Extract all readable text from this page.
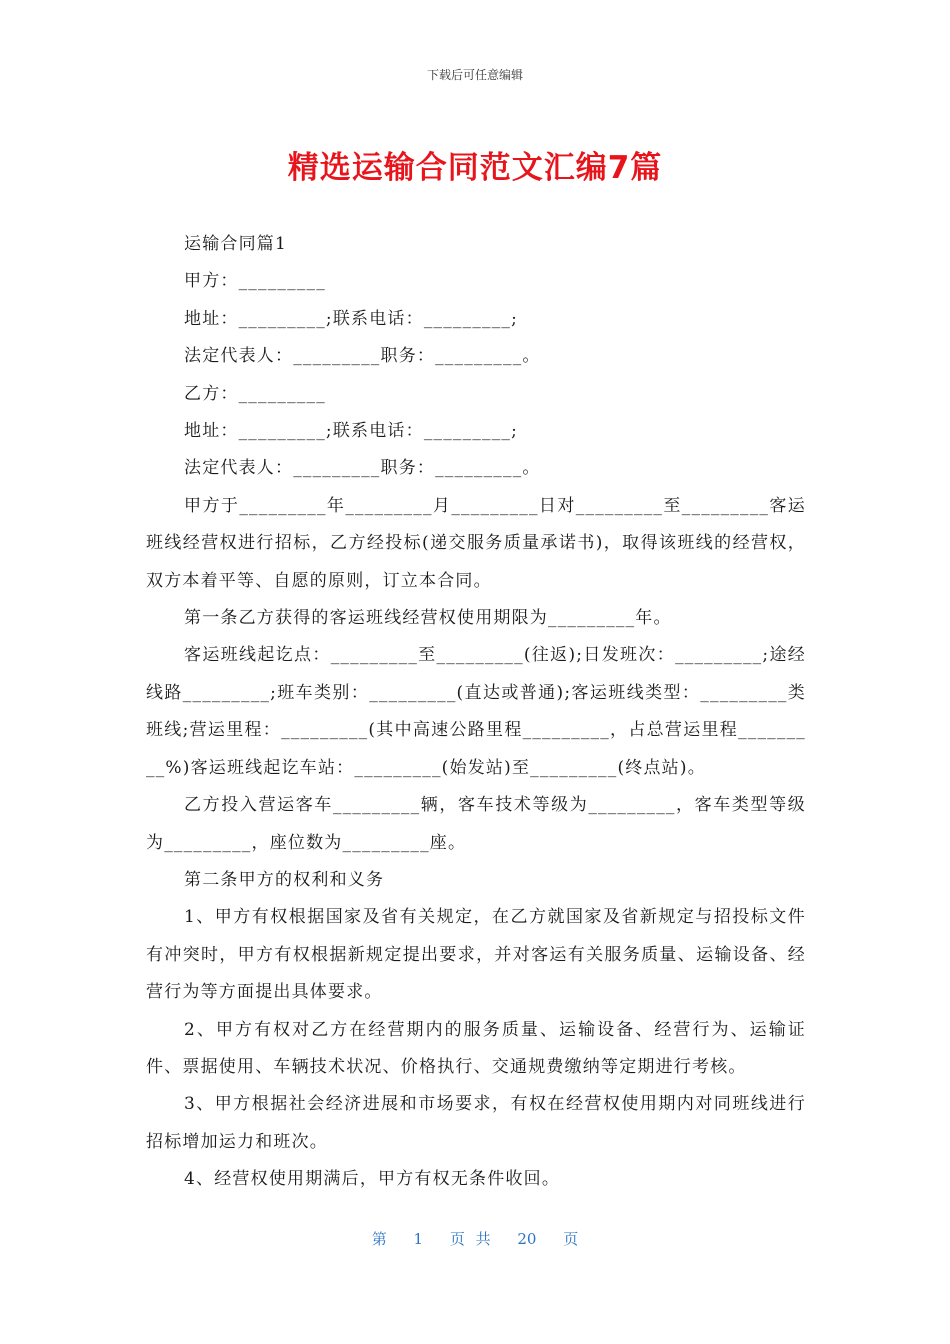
下载后可任意编辑
精选运输合同范文汇编7篇

运输合同篇1

甲方：_________

地址：_________;联系电话：_________;

法定代表人：_________职务：_________。

乙方：_________

地址：_________;联系电话：_________;

法定代表人：_________职务：_________。

甲方于_________年_________月_________日对_________至_________客运班线经营权进行招标，乙方经投标(递交服务质量承诺书)，取得该班线的经营权，双方本着平等、自愿的原则，订立本合同。

第一条乙方获得的客运班线经营权使用期限为_________年。

客运班线起讫点：_________至_________(往返);日发班次：_________;途经线路_________;班车类别：_________(直达或普通);客运班线类型：_________类班线;营运里程：_________(其中高速公路里程_________，占总营运里程_________%)客运班线起讫车站：_________(始发站)至_________(终点站)。

乙方投入营运客车_________辆，客车技术等级为_________，客车类型等级为_________，座位数为_________座。

第二条甲方的权利和义务

1、甲方有权根据国家及省有关规定，在乙方就国家及省新规定与招投标文件有冲突时，甲方有权根据新规定提出要求，并对客运有关服务质量、运输设备、经营行为等方面提出具体要求。

2、甲方有权对乙方在经营期内的服务质量、运输设备、经营行为、运输证件、票据使用、车辆技术状况、价格执行、交通规费缴纳等定期进行考核。

3、甲方根据社会经济进展和市场要求，有权在经营权使用期内对同班线进行招标增加运力和班次。

4、经营权使用期满后，甲方有权无条件收回。

第 1 页 共 20 页
